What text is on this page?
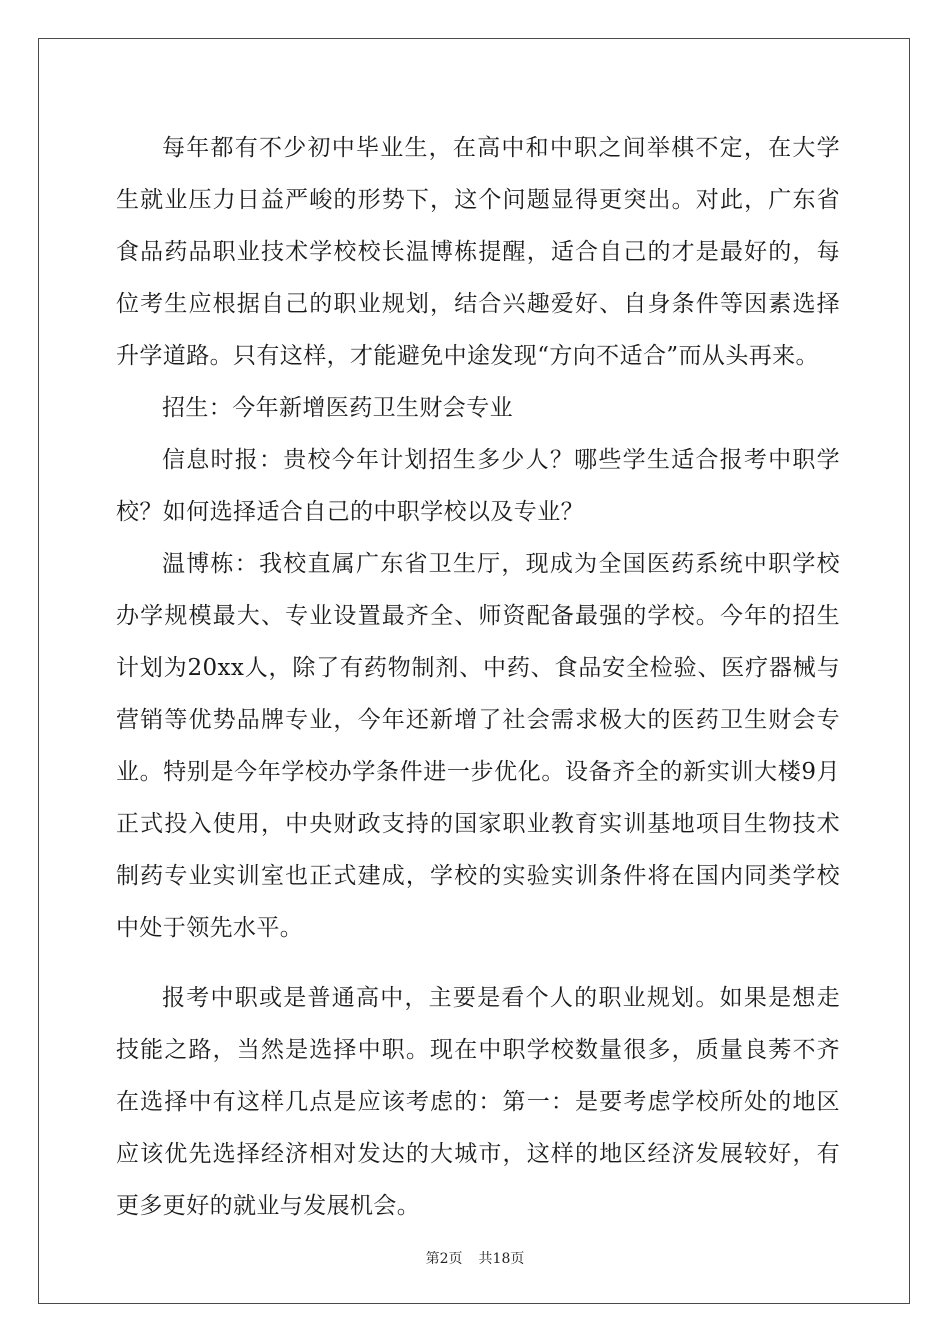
每年都有不少初中毕业生，在高中和中职之间举棋不定，在大学生就业压力日益严峻的形势下，这个问题显得更突出。对此，广东省食品药品职业技术学校校长温博栋提醒，适合自己的才是最好的，每位考生应根据自己的职业规划，结合兴趣爱好、自身条件等因素选择升学道路。只有这样，才能避免中途发现“方向不适合”而从头再来。

招生：今年新增医药卫生财会专业

信息时报：贵校今年计划招生多少人？哪些学生适合报考中职学校？如何选择适合自己的中职学校以及专业？

温博栋：我校直属广东省卫生厅，现成为全国医药系统中职学校办学规模最大、专业设置最齐全、师资配备最强的学校。今年的招生计划为20xx人，除了有药物制剂、中药、食品安全检验、医疗器械与营销等优势品牌专业，今年还新增了社会需求极大的医药卫生财会专业。特别是今年学校办学条件进一步优化。设备齐全的新实训大楼9月正式投入使用，中央财政支持的国家职业教育实训基地项目生物技术制药专业实训室也正式建成，学校的实验实训条件将在国内同类学校中处于领先水平。

报考中职或是普通高中，主要是看个人的职业规划。如果是想走技能之路，当然是选择中职。现在中职学校数量很多，质量良莠不齐在选择中有这样几点是应该考虑的：第一：是要考虑学校所处的地区应该优先选择经济相对发达的大城市，这样的地区经济发展较好，有更多更好的就业与发展机会。

第2页 共18页
